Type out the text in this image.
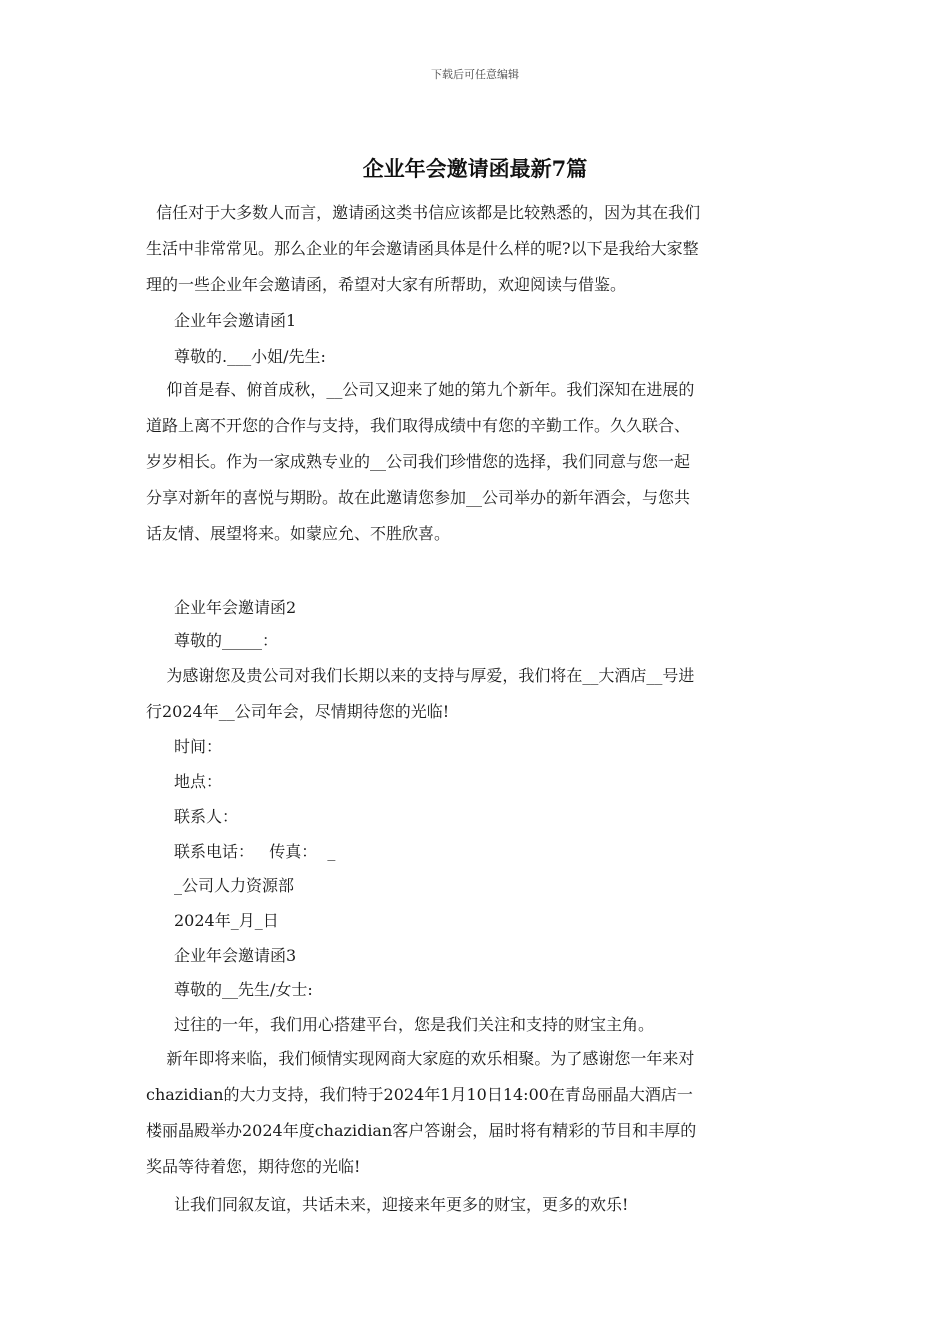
下载后可任意编辑
企业年会邀请函最新7篇
信任对于大多数人而言，邀请函这类书信应该都是比较熟悉的，因为其在我们
生活中非常常见。那么企业的年会邀请函具体是什么样的呢?以下是我给大家整
理的一些企业年会邀请函，希望对大家有所帮助，欢迎阅读与借鉴。
企业年会邀请函1
尊敬的.___小姐/先生:
仰首是春、俯首成秋，__公司又迎来了她的第九个新年。我们深知在进展的
道路上离不开您的合作与支持，我们取得成绩中有您的辛勤工作。久久联合、
岁岁相长。作为一家成熟专业的__公司我们珍惜您的选择，我们同意与您一起
分享对新年的喜悦与期盼。故在此邀请您参加__公司举办的新年酒会，与您共
话友情、展望将来。如蒙应允、不胜欣喜。
企业年会邀请函2
尊敬的_____：
为感谢您及贵公司对我们长期以来的支持与厚爱，我们将在__大酒店__号进
行2024年__公司年会，尽情期待您的光临!
时间：
地点：
联系人：
联系电话：   传真：  _
_公司人力资源部
2024年_月_日
企业年会邀请函3
尊敬的__先生/女士:
过往的一年，我们用心搭建平台，您是我们关注和支持的财宝主角。
新年即将来临，我们倾情实现网商大家庭的欢乐相聚。为了感谢您一年来对
chazidian的大力支持，我们特于2024年1月10日14:00在青岛丽晶大酒店一
楼丽晶殿举办2024年度chazidian客户答谢会，届时将有精彩的节目和丰厚的
奖品等待着您，期待您的光临!
让我们同叙友谊，共话未来，迎接来年更多的财宝，更多的欢乐!
